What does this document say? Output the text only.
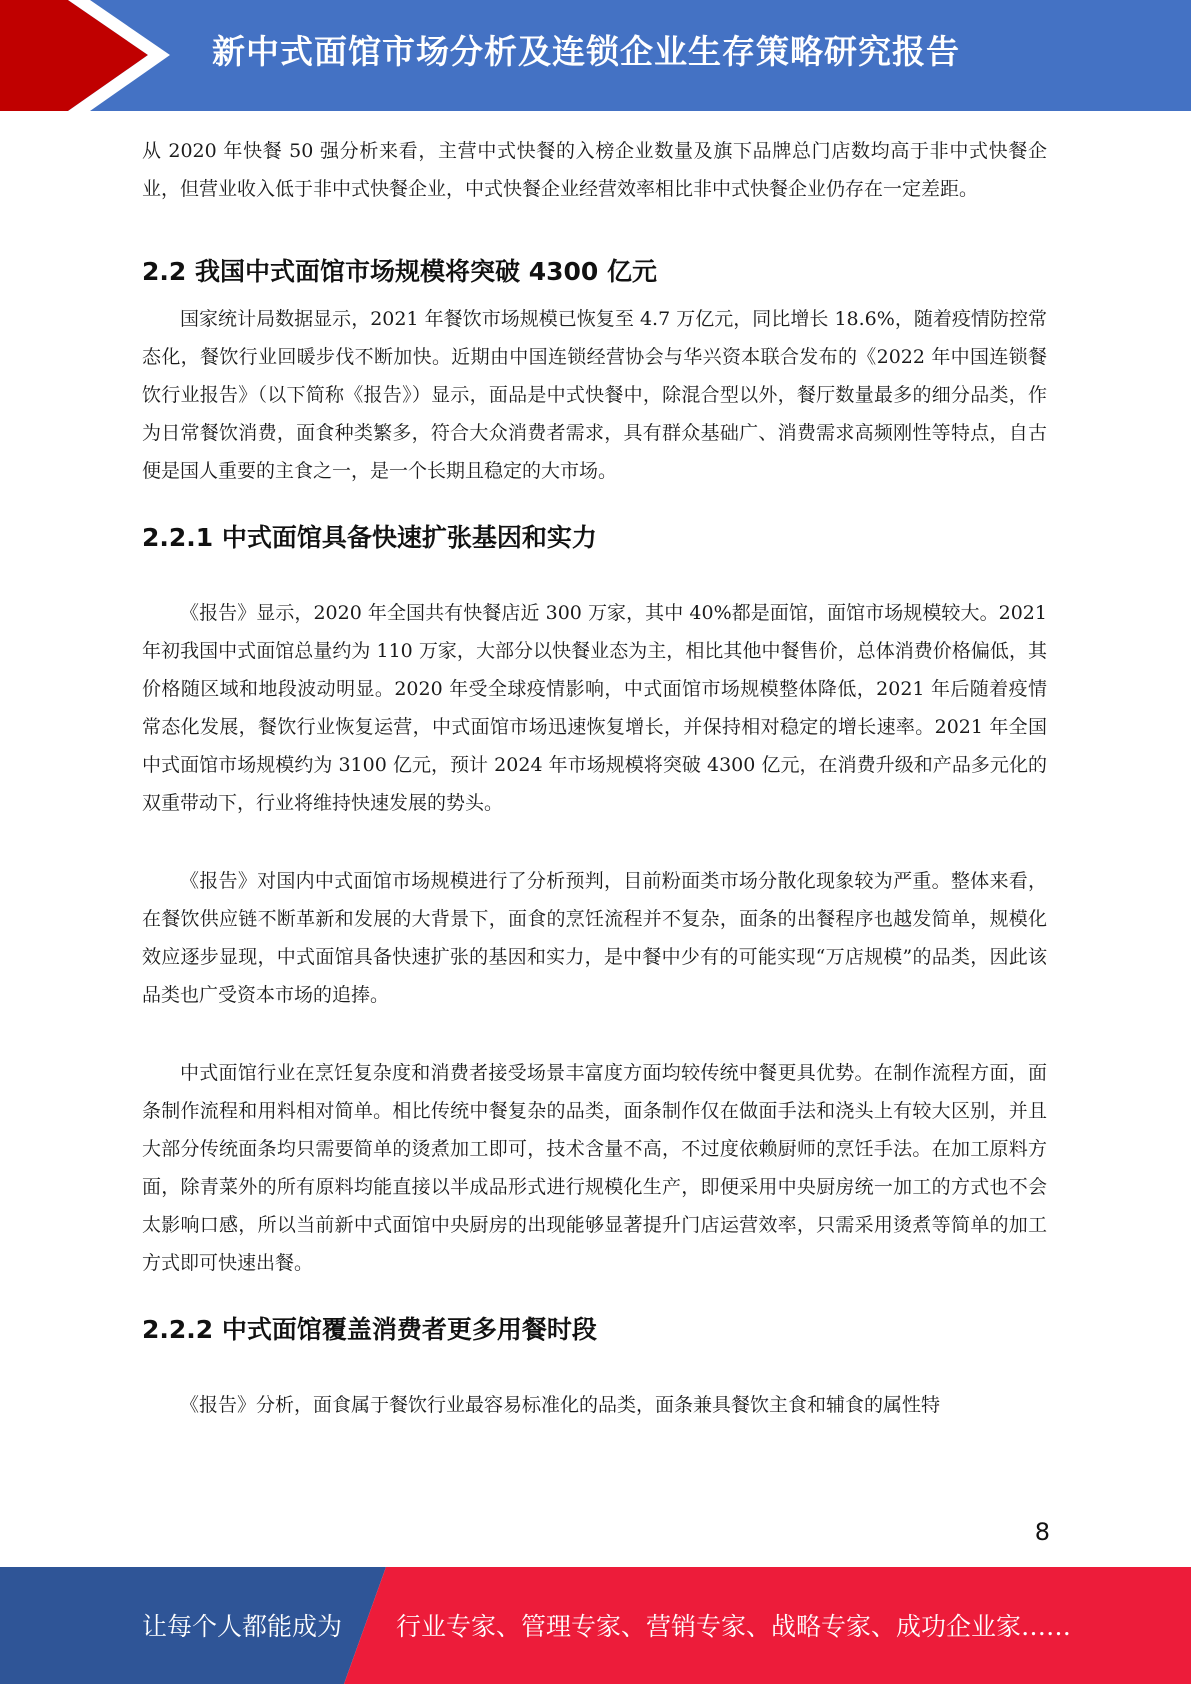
新中式面馆市场分析及连锁企业生存策略研究报告

从 2020 年快餐 50 强分析来看，主营中式快餐的入榜企业数量及旗下品牌总门店数均高于非中式快餐企业，但营业收入低于非中式快餐企业，中式快餐企业经营效率相比非中式快餐企业仍存在一定差距。

2.2 我国中式面馆市场规模将突破 4300 亿元

国家统计局数据显示，2021 年餐饮市场规模已恢复至 4.7 万亿元，同比增长 18.6%，随着疫情防控常态化，餐饮行业回暖步伐不断加快。近期由中国连锁经营协会与华兴资本联合发布的《2022 年中国连锁餐饮行业报告》（以下简称《报告》）显示，面品是中式快餐中，除混合型以外，餐厅数量最多的细分品类，作为日常餐饮消费，面食种类繁多，符合大众消费者需求，具有群众基础广、消费需求高频刚性等特点，自古便是国人重要的主食之一，是一个长期且稳定的大市场。

2.2.1 中式面馆具备快速扩张基因和实力

《报告》显示，2020 年全国共有快餐店近 300 万家，其中 40%都是面馆，面馆市场规模较大。2021 年初我国中式面馆总量约为 110 万家，大部分以快餐业态为主，相比其他中餐售价，总体消费价格偏低，其价格随区域和地段波动明显。2020 年受全球疫情影响，中式面馆市场规模整体降低，2021 年后随着疫情常态化发展，餐饮行业恢复运营，中式面馆市场迅速恢复增长，并保持相对稳定的增长速率。2021 年全国中式面馆市场规模约为 3100 亿元，预计 2024 年市场规模将突破 4300 亿元，在消费升级和产品多元化的双重带动下，行业将维持快速发展的势头。

《报告》对国内中式面馆市场规模进行了分析预判，目前粉面类市场分散化现象较为严重。整体来看，在餐饮供应链不断革新和发展的大背景下，面食的烹饪流程并不复杂，面条的出餐程序也越发简单，规模化效应逐步显现，中式面馆具备快速扩张的基因和实力，是中餐中少有的可能实现“万店规模”的品类，因此该品类也广受资本市场的追捧。

中式面馆行业在烹饪复杂度和消费者接受场景丰富度方面均较传统中餐更具优势。在制作流程方面，面条制作流程和用料相对简单。相比传统中餐复杂的品类，面条制作仅在做面手法和浇头上有较大区别，并且大部分传统面条均只需要简单的烫煮加工即可，技术含量不高，不过度依赖厨师的烹饪手法。在加工原料方面，除青菜外的所有原料均能直接以半成品形式进行规模化生产，即便采用中央厨房统一加工的方式也不会太影响口感，所以当前新中式面馆中央厨房的出现能够显著提升门店运营效率，只需采用烫煮等简单的加工方式即可快速出餐。

2.2.2 中式面馆覆盖消费者更多用餐时段

《报告》分析，面食属于餐饮行业最容易标准化的品类，面条兼具餐饮主食和辅食的属性特

8
让每个人都能成为 行业专家、管理专家、营销专家、战略专家、成功企业家……
